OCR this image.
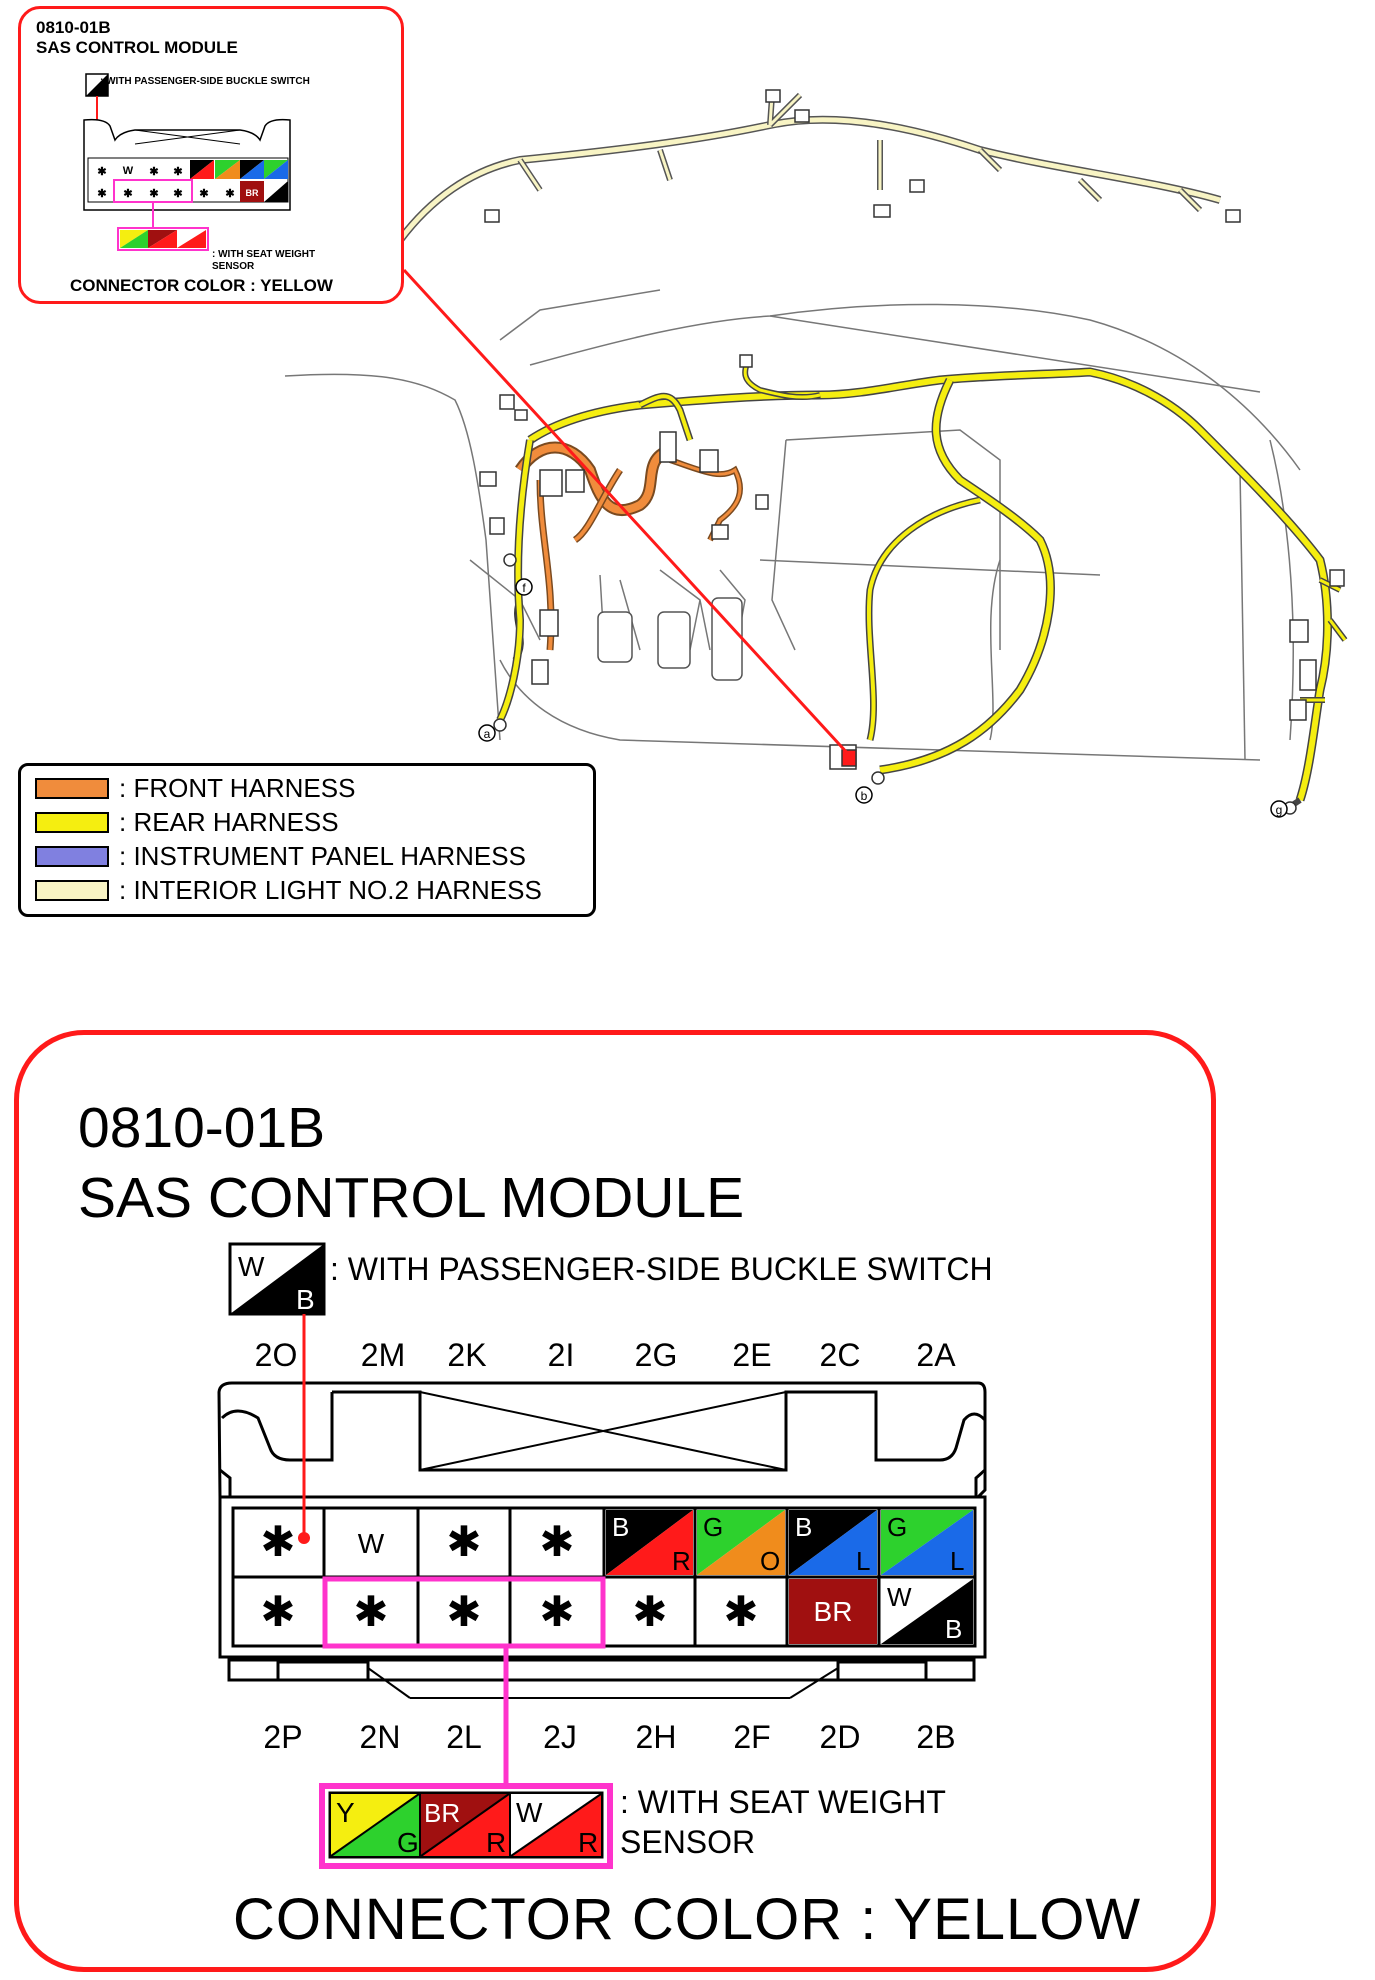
a
b
f
g
0810-01B
SAS CONTROL MODULE
✱ W ✱ ✱
✱ ✱ ✱ ✱ ✱ ✱ BR
: WITH PASSENGER-SIDE BUCKLE SWITCH
: WITH SEAT WEIGHT SENSOR
CONNECTOR COLOR : YELLOW
: FRONT HARNESS
: REAR HARNESS
: INSTRUMENT PANEL HARNESS
: INTERIOR LIGHT NO.2 HARNESS
0810-01B
SAS CONTROL MODULE
: WITH PASSENGER-SIDE BUCKLE SWITCH
W
B
2O 2M 2K 2I 2G 2E 2C 2A
✱ W ✱ ✱ B
R
G
O
B
L
G
L
✱ ✱ ✱ ✱ ✱ ✱ BR W
B
2P 2N 2L 2J 2H 2F 2D 2B
Y
G
BR
R
W
R
: WITH SEAT WEIGHT SENSOR
CONNECTOR COLOR : YELLOW
